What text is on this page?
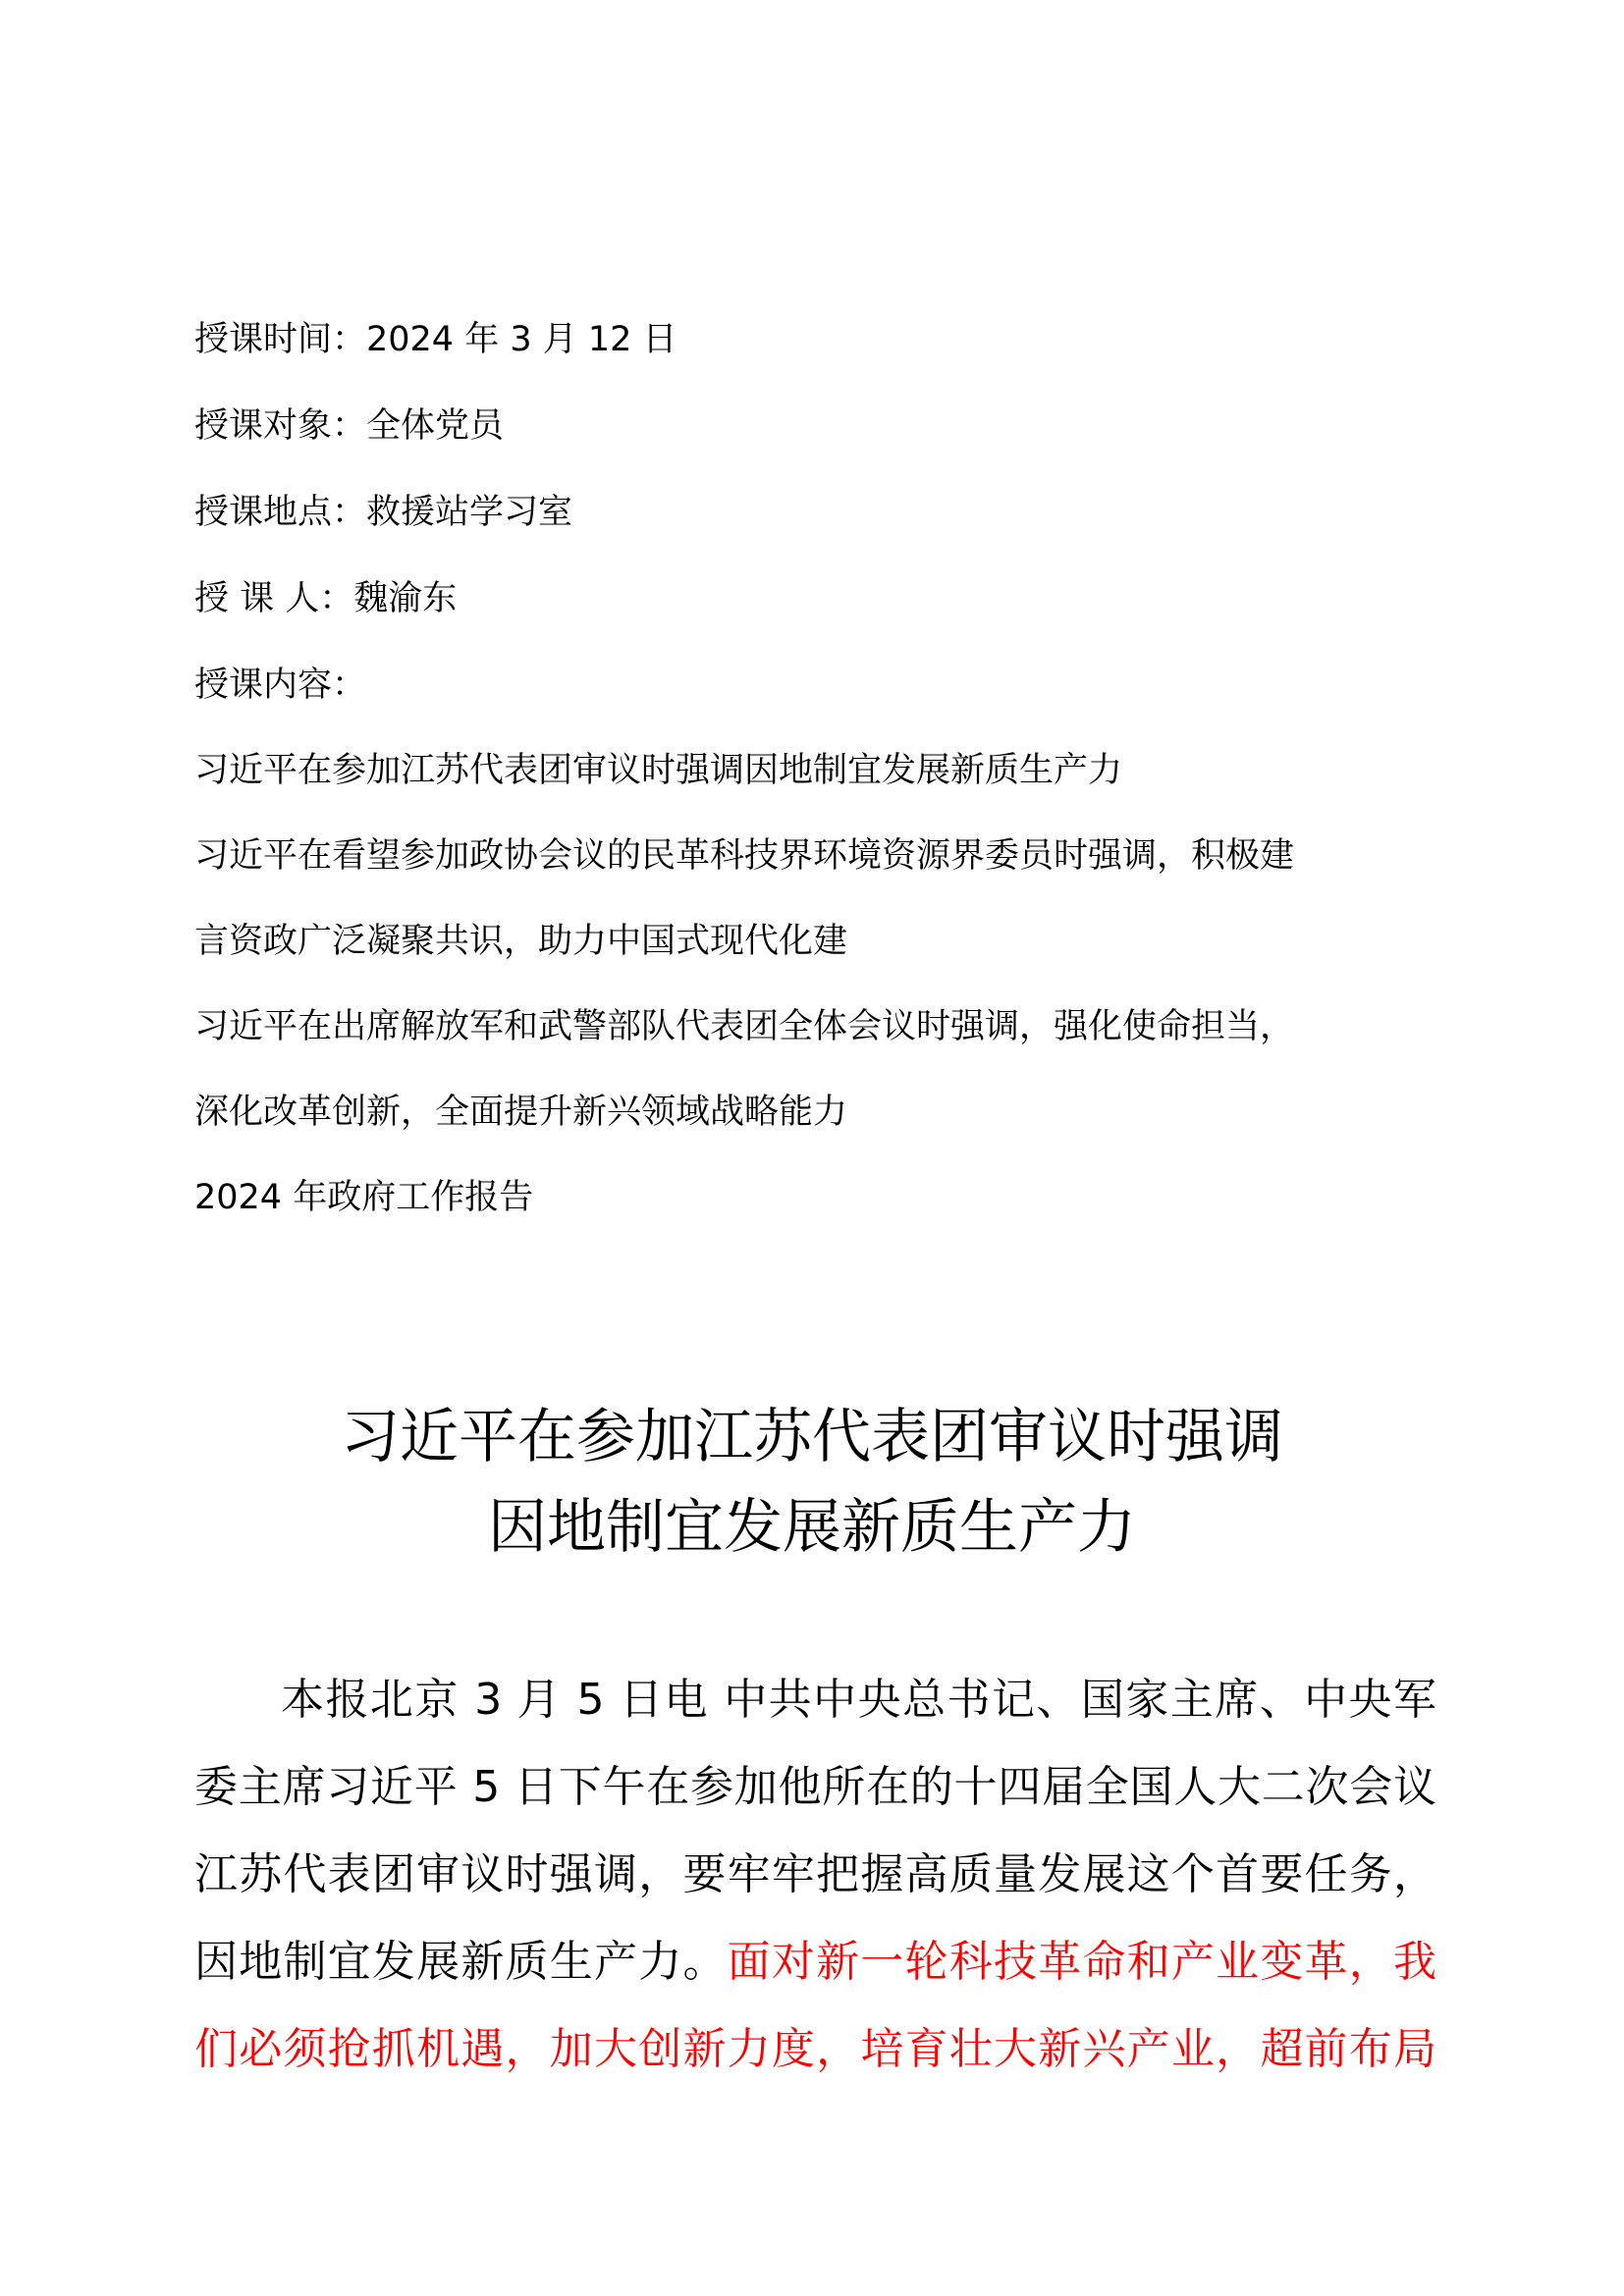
授课时间：2024 年 3 月 12 日
授课对象：全体党员
授课地点：救援站学习室
授 课 人：魏渝东
授课内容：
习近平在参加江苏代表团审议时强调因地制宜发展新质生产力
习近平在看望参加政协会议的民革科技界环境资源界委员时强调，积极建
言资政广泛凝聚共识，助力中国式现代化建
习近平在出席解放军和武警部队代表团全体会议时强调，强化使命担当，
深化改革创新，全面提升新兴领域战略能力
2024 年政府工作报告
习近平在参加江苏代表团审议时强调
因地制宜发展新质生产力
本报北京 3 月 5 日电 中共中央总书记、国家主席、中央军
委主席习近平 5 日下午在参加他所在的十四届全国人大二次会议
江苏代表团审议时强调，要牢牢把握高质量发展这个首要任务，
因地制宜发展新质生产力。面对新一轮科技革命和产业变革，我
们必须抢抓机遇，加大创新力度，培育壮大新兴产业，超前布局
